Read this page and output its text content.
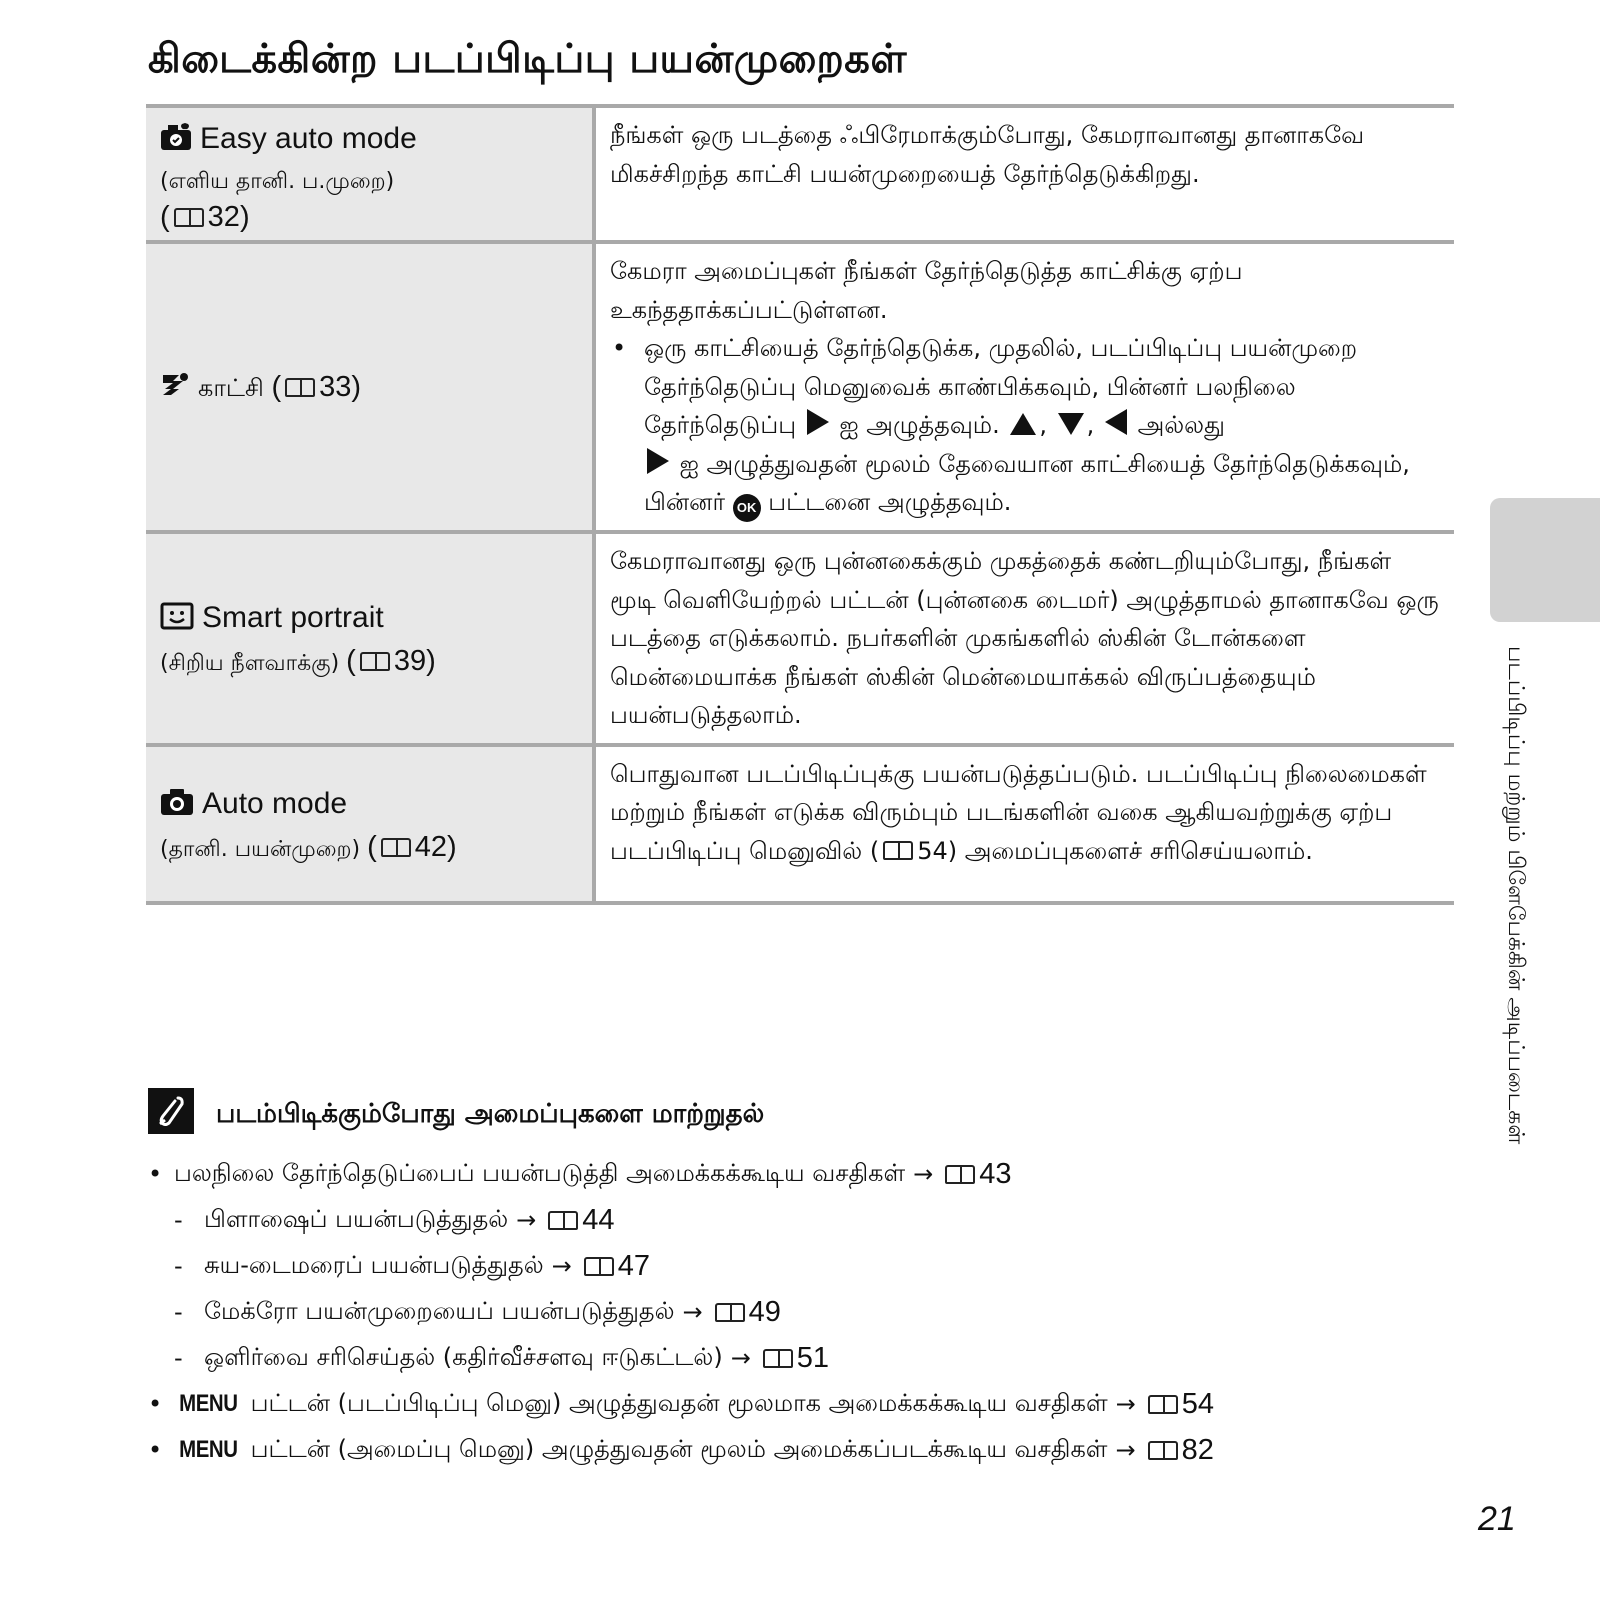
கிடைக்கின்ற படப்பிடிப்பு பயன்முறைகள்
Easy auto mode
(எளிய தானி. ப.முறை)
( 32)	நீங்கள் ஒரு படத்தை ஃபிரேமாக்கும்போது, கேமராவானது தானாகவே மிகச்சிறந்த காட்சி பயன்முறையைத் தேர்ந்தெடுக்கிறது.

காட்சி ( 33)	கேமரா அமைப்புகள் நீங்கள் தேர்ந்தெடுத்த காட்சிக்கு ஏற்ப உகந்ததாக்கப்பட்டுள்ளன.
• ஒரு காட்சியைத் தேர்ந்தெடுக்க, முதலில், படப்பிடிப்பு பயன்முறை தேர்ந்தெடுப்பு மெனுவைக் காண்பிக்கவும், பின்னர் பலநிலை தேர்ந்தெடுப்பு ஐ அழுத்தவும். , , அல்லது
ஐ அழுத்துவதன் மூலம் தேவையான காட்சியைத் தேர்ந்தெடுக்கவும், பின்னர் OK பட்டனை அழுத்தவும்.

Smart portrait
(சிறிய நீளவாக்கு) ( 39)	கேமராவானது ஒரு புன்னகைக்கும் முகத்தைக் கண்டறியும்போது, நீங்கள் மூடி வெளியேற்றல் பட்டன் (புன்னகை டைமர்) அழுத்தாமல் தானாகவே ஒரு படத்தை எடுக்கலாம். நபர்களின் முகங்களில் ஸ்கின் டோன்களை மென்மையாக்க நீங்கள் ஸ்கின் மென்மையாக்கல் விருப்பத்தையும் பயன்படுத்தலாம்.

Auto mode
(தானி. பயன்முறை) ( 42)	பொதுவான படப்பிடிப்புக்கு பயன்படுத்தப்படும். படப்பிடிப்பு நிலைமைகள் மற்றும் நீங்கள் எடுக்க விரும்பும் படங்களின் வகை ஆகியவற்றுக்கு ஏற்ப படப்பிடிப்பு மெனுவில் ( 54) அமைப்புகளைச் சரிசெய்யலாம்.	படப்பிடிப்பு மற்றும் பிளேபேக்கின் அடிப்படைகள்
படம்பிடிக்கும்போது அமைப்புகளை மாற்றுதல்
• பலநிலை தேர்ந்தெடுப்பைப் பயன்படுத்தி அமைக்கக்கூடிய வசதிகள் → 43
- பிளாஷைப் பயன்படுத்துதல் → 44
- சுய-டைமரைப் பயன்படுத்துதல் → 47
- மேக்ரோ பயன்முறையைப் பயன்படுத்துதல் → 49
- ஒளிர்வை சரிசெய்தல் (கதிர்வீச்சளவு ஈடுகட்டல்) → 51
• MENU பட்டன் (படப்பிடிப்பு மெனு) அழுத்துவதன் மூலமாக அமைக்கக்கூடிய வசதிகள் → 54
• MENU பட்டன் (அமைப்பு மெனு) அழுத்துவதன் மூலம் அமைக்கப்படக்கூடிய வசதிகள் → 82
21
